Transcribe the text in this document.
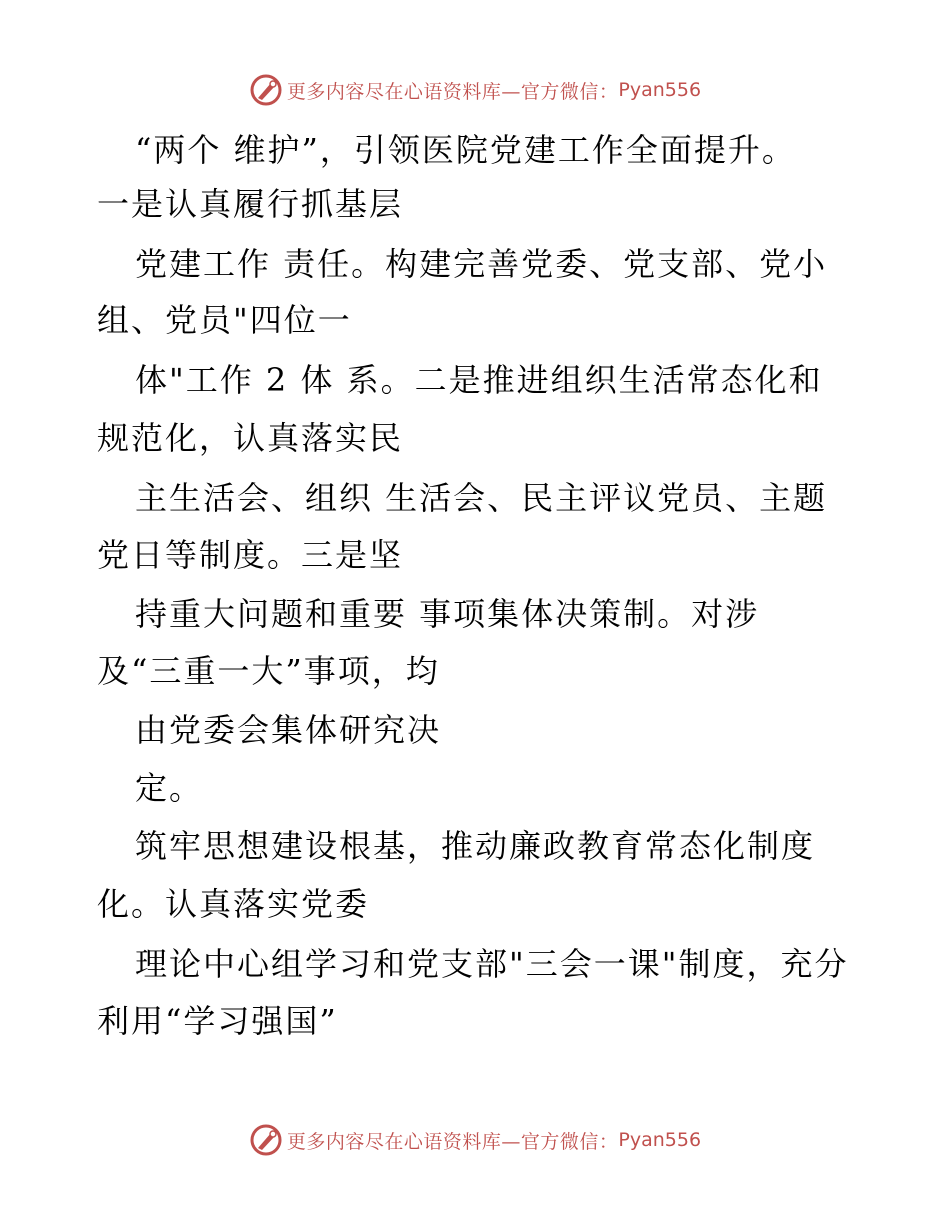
更多内容尽在心语资料库—官方微信： Pyan556
“两个 维护”，引领医院党建工作全面提升。
一是认真履行抓基层
党建工作 责任。构建完善党委、党支部、党小
组、党员"四位一
体"工作 2 体 系。二是推进组织生活常态化和
规范化，认真落实民
主生活会、组织 生活会、民主评议党员、主题
党日等制度。三是坚
持重大问题和重要 事项集体决策制。对涉
及“三重一大”事项，均
由党委会集体研究决
定。
筑牢思想建设根基，推动廉政教育常态化制度
化。认真落实党委
理论中心组学习和党支部"三会一课"制度，充分
利用“学习强国”
更多内容尽在心语资料库—官方微信： Pyan556
